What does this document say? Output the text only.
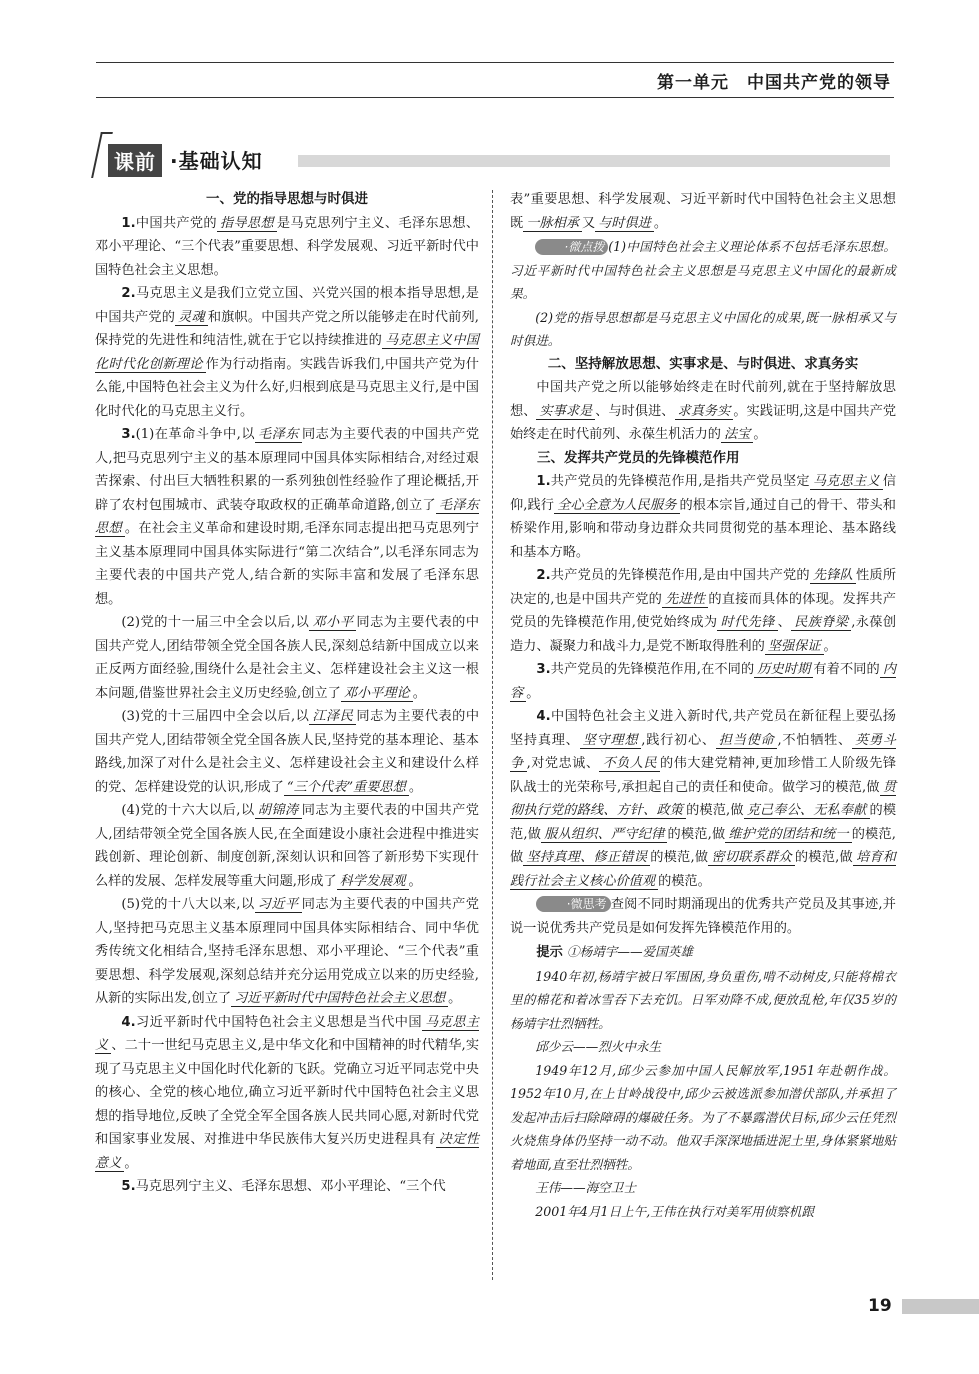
第一单元　中国共产党的领导
课前 ·基础认知

一、党的指导思想与时俱进

1.中国共产党的 指导思想 是马克思列宁主义、毛泽东思想、邓小平理论、“三个代表”重要思想、科学发展观、习近平新时代中国特色社会主义思想。

2.马克思主义是我们立党立国、兴党兴国的根本指导思想,是中国共产党的 灵魂 和旗帜。中国共产党之所以能够走在时代前列,保持党的先进性和纯洁性,就在于它以持续推进的 马克思主义中国化时代化创新理论 作为行动指南。实践告诉我们,中国共产党为什么能,中国特色社会主义为什么好,归根到底是马克思主义行,是中国化时代化的马克思主义行。

3.(1)在革命斗争中,以 毛泽东 同志为主要代表的中国共产党人,把马克思列宁主义的基本原理同中国具体实际相结合,对经过艰苦探索、付出巨大牺牲积累的一系列独创性经验作了理论概括,开辟了农村包围城市、武装夺取政权的正确革命道路,创立了 毛泽东思想 。在社会主义革命和建设时期,毛泽东同志提出把马克思列宁主义基本原理同中国具体实际进行“第二次结合”,以毛泽东同志为主要代表的中国共产党人,结合新的实际丰富和发展了毛泽东思想。

(2)党的十一届三中全会以后,以 邓小平 同志为主要代表的中国共产党人,团结带领全党全国各族人民,深刻总结新中国成立以来正反两方面经验,围绕什么是社会主义、怎样建设社会主义这一根本问题,借鉴世界社会主义历史经验,创立了 邓小平理论 。

(3)党的十三届四中全会以后,以 江泽民 同志为主要代表的中国共产党人,团结带领全党全国各族人民,坚持党的基本理论、基本路线,加深了对什么是社会主义、怎样建设社会主义和建设什么样的党、怎样建设党的认识,形成了 “三个代表”重要思想 。

(4)党的十六大以后,以 胡锦涛 同志为主要代表的中国共产党人,团结带领全党全国各族人民,在全面建设小康社会进程中推进实践创新、理论创新、制度创新,深刻认识和回答了新形势下实现什么样的发展、怎样发展等重大问题,形成了 科学发展观 。

(5)党的十八大以来,以 习近平 同志为主要代表的中国共产党人,坚持把马克思主义基本原理同中国具体实际相结合、同中华优秀传统文化相结合,坚持毛泽东思想、邓小平理论、“三个代表”重要思想、科学发展观,深刻总结并充分运用党成立以来的历史经验,从新的实际出发,创立了 习近平新时代中国特色社会主义思想 。

4.习近平新时代中国特色社会主义思想是当代中国 马克思主义 、二十一世纪马克思主义,是中华文化和中国精神的时代精华,实现了马克思主义中国化时代化新的飞跃。党确立习近平同志党中央的核心、全党的核心地位,确立习近平新时代中国特色社会主义思想的指导地位,反映了全党全军全国各族人民共同心愿,对新时代党和国家事业发展、对推进中华民族伟大复兴历史进程具有 决定性意义 。

5.马克思列宁主义、毛泽东思想、邓小平理论、“三个代

表”重要思想、科学发展观、习近平新时代中国特色社会主义思想既 一脉相承 又 与时俱进 。

·微点拨 (1)中国特色社会主义理论体系不包括毛泽东思想。习近平新时代中国特色社会主义思想是马克思主义中国化的最新成果。

(2)党的指导思想都是马克思主义中国化的成果,既一脉相承又与时俱进。

二、坚持解放思想、实事求是、与时俱进、求真务实

中国共产党之所以能够始终走在时代前列,就在于坚持解放思想、 实事求是 、与时俱进、 求真务实 。实践证明,这是中国共产党始终走在时代前列、永葆生机活力的 法宝 。

三、发挥共产党员的先锋模范作用

1.共产党员的先锋模范作用,是指共产党员坚定 马克思主义 信仰,践行 全心全意为人民服务 的根本宗旨,通过自己的骨干、带头和桥梁作用,影响和带动身边群众共同贯彻党的基本理论、基本路线和基本方略。

2.共产党员的先锋模范作用,是由中国共产党的 先锋队 性质所决定的,也是中国共产党的 先进性 的直接而具体的体现。发挥共产党员的先锋模范作用,使党始终成为 时代先锋 、 民族脊梁 ,永葆创造力、凝聚力和战斗力,是党不断取得胜利的 坚强保证 。

3.共产党员的先锋模范作用,在不同的 历史时期 有着不同的 内容 。

4.中国特色社会主义进入新时代,共产党员在新征程上要弘扬坚持真理、 坚守理想 ,践行初心、 担当使命 ,不怕牺牲、 英勇斗争 ,对党忠诚、 不负人民 的伟大建党精神,更加珍惜工人阶级先锋队战士的光荣称号,承担起自己的责任和使命。做学习的模范,做 贯彻执行党的路线、方针、政策 的模范,做 克己奉公、无私奉献 的模范,做 服从组织、严守纪律 的模范,做 维护党的团结和统一 的模范,做 坚持真理、修正错误 的模范,做 密切联系群众 的模范,做 培育和践行社会主义核心价值观 的模范。

·微思考 查阅不同时期涌现出的优秀共产党员及其事迹,并说一说优秀共产党员是如何发挥先锋模范作用的。

提示 ①杨靖宇——爱国英雄

1940年初,杨靖宇被日军围困,身负重伤,啃不动树皮,只能将棉衣里的棉花和着冰雪吞下去充饥。日军劝降不成,便放乱枪,年仅35岁的杨靖宇壮烈牺牲。

邱少云——烈火中永生

1949年12月,邱少云参加中国人民解放军,1951年赴朝作战。1952年10月,在上甘岭战役中,邱少云被选派参加潜伏部队,并承担了发起冲击后扫除障碍的爆破任务。为了不暴露潜伏目标,邱少云任凭烈火烧焦身体仍坚持一动不动。他双手深深地插进泥土里,身体紧紧地贴着地面,直至壮烈牺牲。

王伟——海空卫士

2001年4月1日上午,王伟在执行对美军用侦察机跟

19
